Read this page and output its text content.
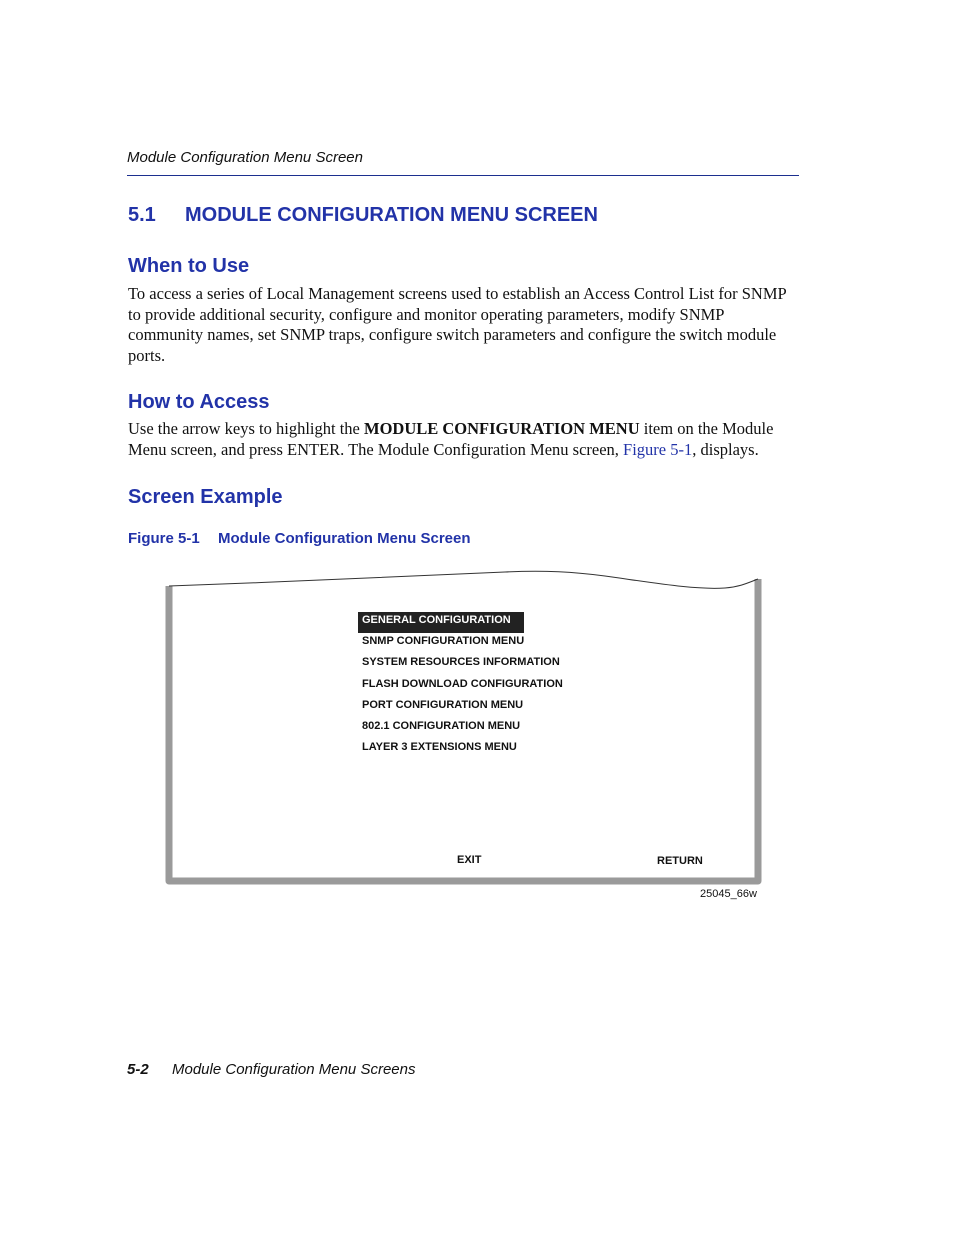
Module Configuration Menu Screen
5.1 MODULE CONFIGURATION MENU SCREEN
When to Use
To access a series of Local Management screens used to establish an Access Control List for SNMP to provide additional security, configure and monitor operating parameters, modify SNMP community names, set SNMP traps, configure switch parameters and configure the switch module ports.
How to Access
Use the arrow keys to highlight the MODULE CONFIGURATION MENU item on the Module Menu screen, and press ENTER. The Module Configuration Menu screen, Figure 5-1, displays.
Screen Example
Figure 5-1 Module Configuration Menu Screen
GENERAL CONFIGURATION
SNMP CONFIGURATION MENU
SYSTEM RESOURCES INFORMATION
FLASH DOWNLOAD CONFIGURATION
PORT CONFIGURATION MENU
802.1 CONFIGURATION MENU
LAYER 3 EXTENSIONS MENU
EXIT	RETURN
25045_66w
5-2 Module Configuration Menu Screens
